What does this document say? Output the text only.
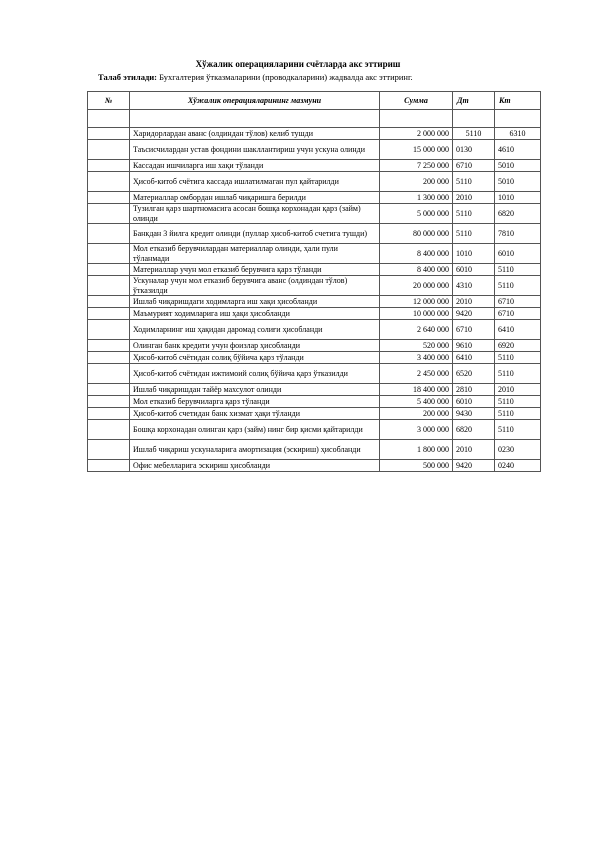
Хўжалик операцияларини счётларда акс эттириш
Талаб этилади: Бухгалтерия ўтказмаларини (проводкаларини) жадвалда акс эттиринг.
№	Хўжалик операцияларининг мазмуни	Сумма	Дт	Кт

	Харидорлардан аванс (олдиндан тўлов) келиб тушди	2 000 000	5110	6310
	Таъсисчилардан устав фондини шакллантириш учун ускуна олинди	15 000 000	0130	4610
	Кассадан ишчиларга иш хақи тўланди	7 250 000	6710	5010
	Ҳисоб-китоб счётига кассада ишлатилмаган пул қайтарилди	200 000	5110	5010
	Материаллар омбордан ишлаб чиқаришга берилди	1 300 000	2010	1010
	Тузилган қарз шартномасига асосан бошқа корхонадан қарз (займ) олинди	5 000 000	5110	6820
	Банкдан 3 йилга кредит олинди (пуллар ҳисоб-китоб счетига тушди)	80 000 000	5110	7810
	Мол етказиб берувчилардан материаллар олинди, ҳали пули тўланмади	8 400 000	1010	6010
	Материаллар учун мол етказиб берувчига қарз тўланди	8 400 000	6010	5110
	Ускуналар учун мол етказиб берувчига аванс (олдиндан тўлов) ўтказилди	20 000 000	4310	5110
	Ишлаб чиқаришдаги ходимларга иш хақи ҳисобланди	12 000 000	2010	6710
	Маъмурият ходимларига иш ҳақи ҳисобланди	10 000 000	9420	6710
	Ходимларнинг иш ҳақидан даромад солиғи ҳисобланди	2 640 000	6710	6410
	Олинган банк кредити учун фоизлар ҳисобланди	520 000	9610	6920
	Ҳисоб-китоб счётидан солиқ бўйича қарз тўланди	3 400 000	6410	5110
	Ҳисоб-китоб счётидан ижтимоий солиқ бўйича қарз ўтказилди	2 450 000	6520	5110
	Ишлаб чиқаришдан тайёр махсулот олинди	18 400 000	2810	2010
	Мол етказиб берувчиларга қарз тўланди	5 400 000	6010	5110
	Ҳисоб-китоб счетидан банк хизмат ҳақи тўланди	200 000	9430	5110
	Бошқа корхонадан олинган қарз (займ) нинг бир қисми қайтарилди	3 000 000	6820	5110
	Ишлаб чиқариш ускуналарига амортизация (эскириш) ҳисобланди	1 800 000	2010	0230
	Офис мебелларига эскириш ҳисобланди	500 000	9420	0240
